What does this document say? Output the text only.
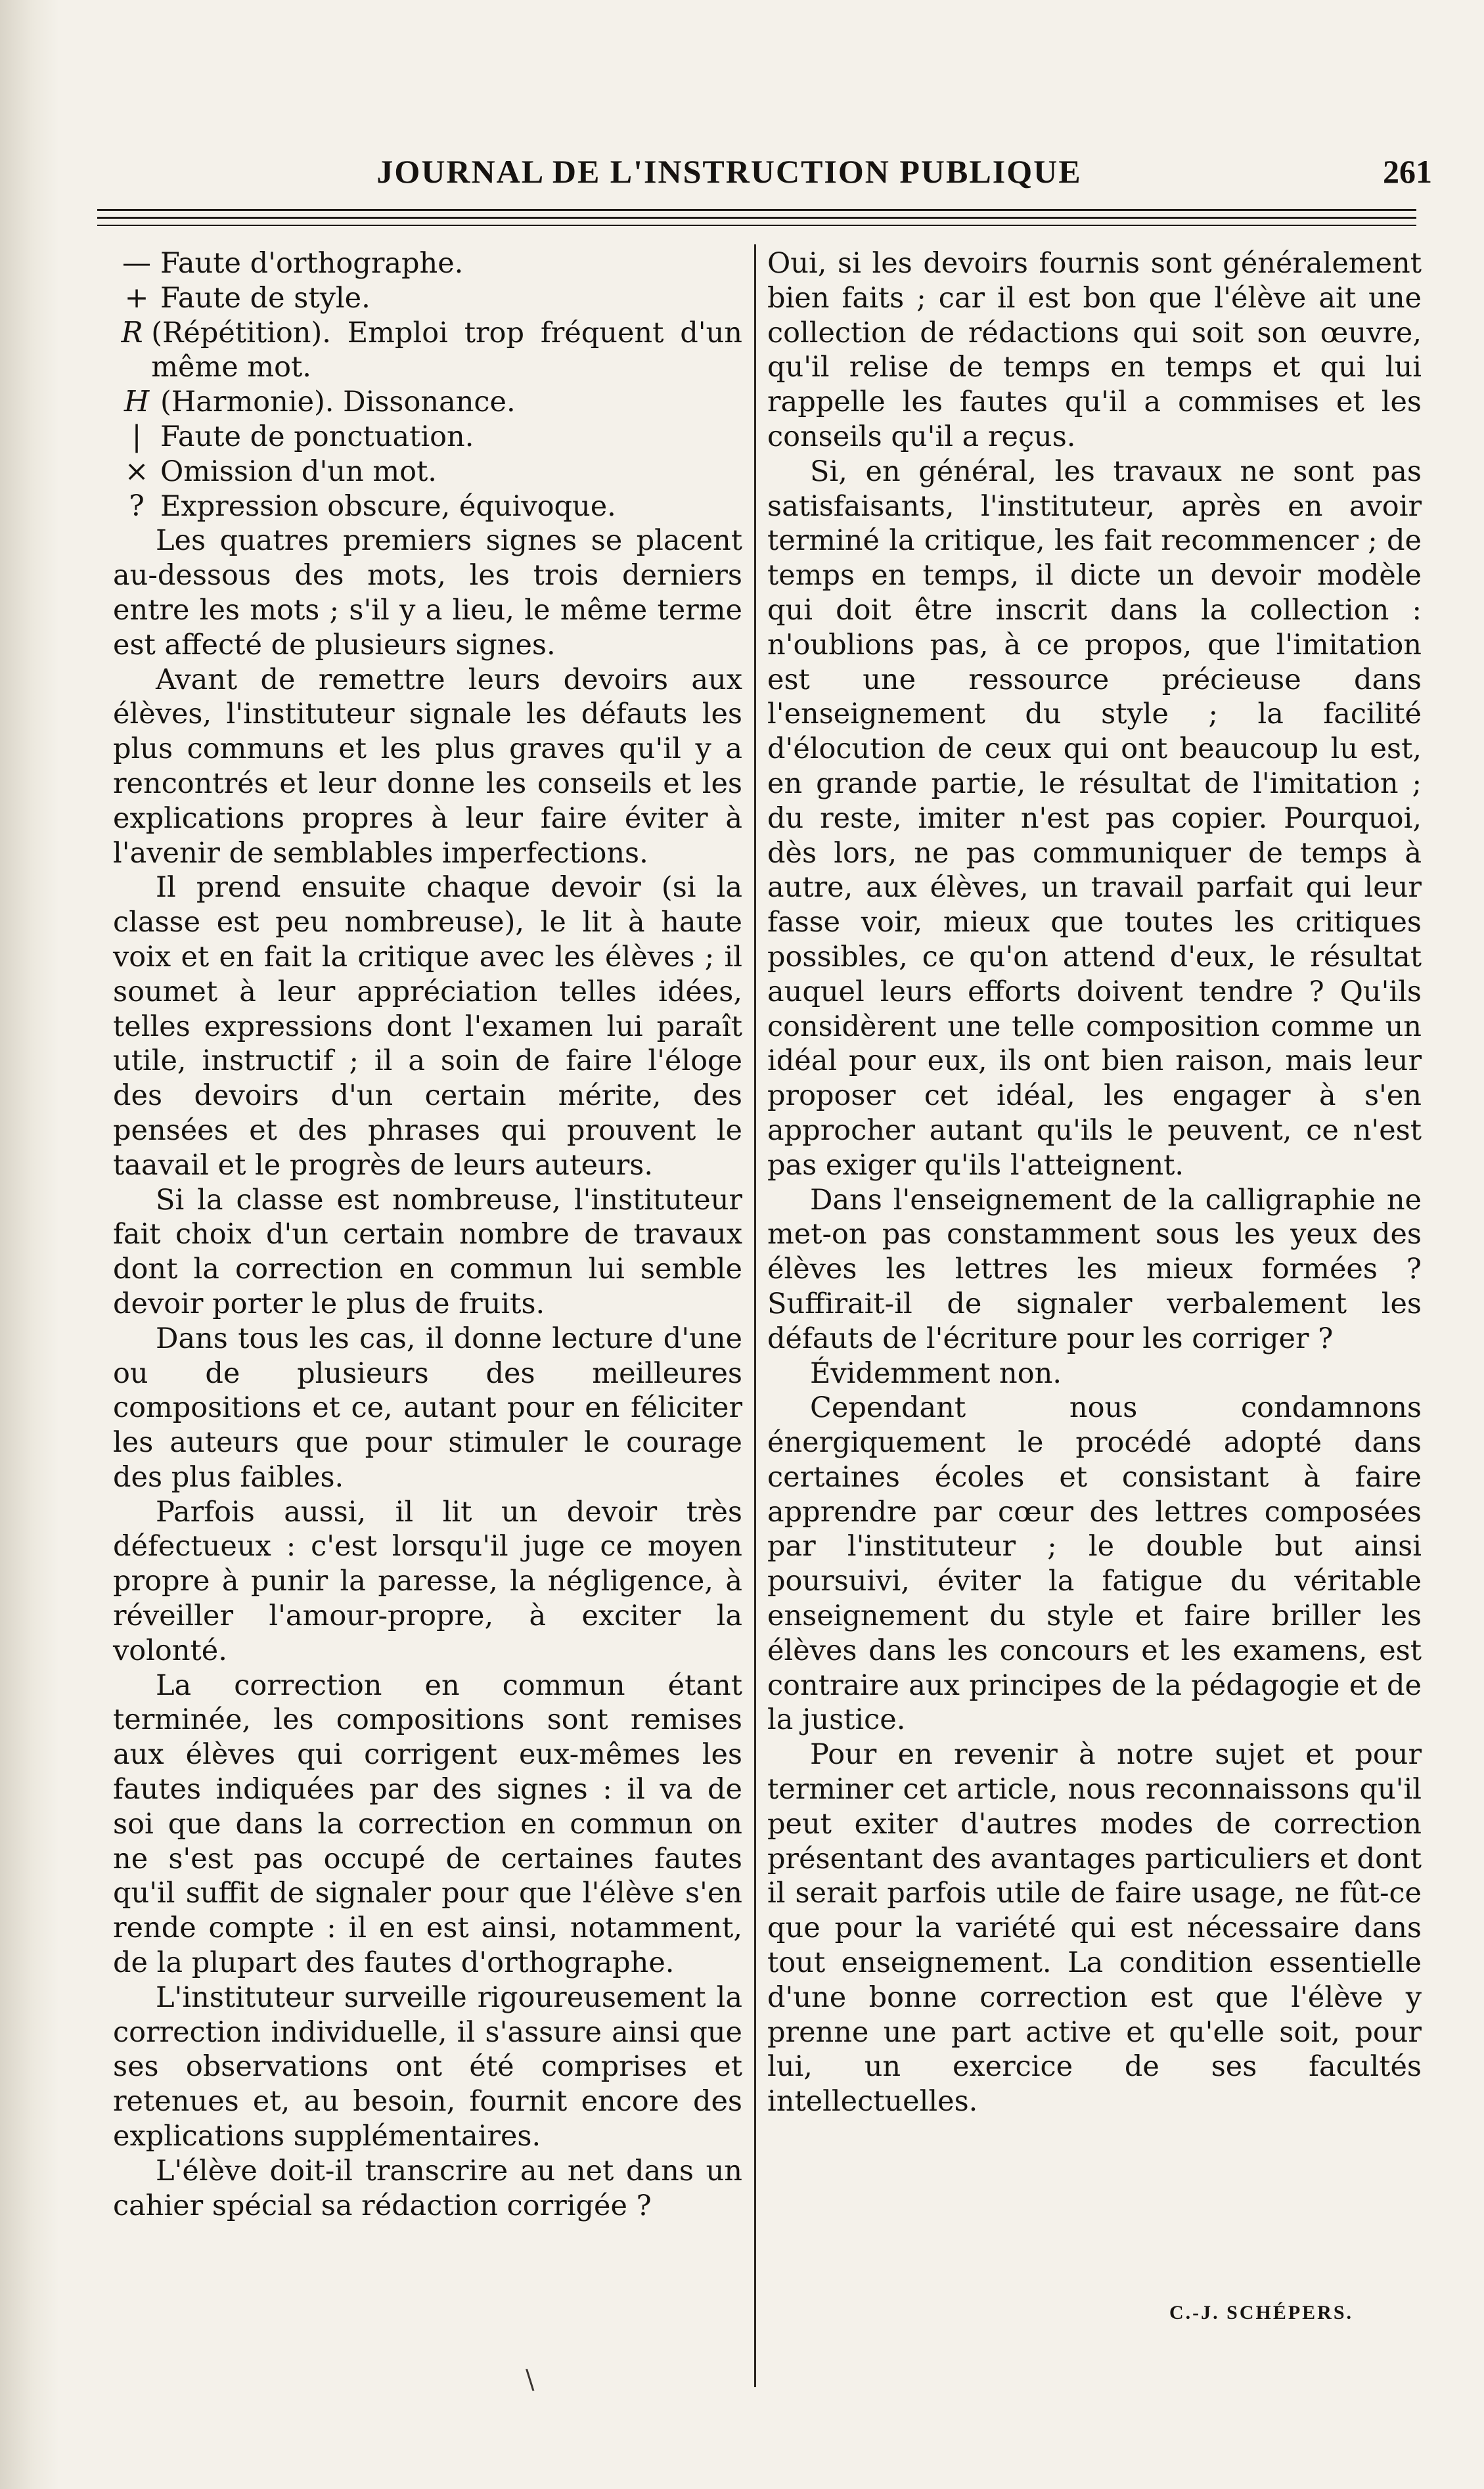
JOURNAL DE L'INSTRUCTION PUBLIQUE	261
— Faute d'orthographe.
+ Faute de style.
R (Répétition). Emploi trop fréquent d'un même mot.
H (Harmonie). Dissonance.
| Faute de ponctuation.
× Omission d'un mot.
? Expression obscure, équivoque.

Les quatres premiers signes se placent au-dessous des mots, les trois derniers entre les mots ; s'il y a lieu, le même terme est affecté de plusieurs signes.

Avant de remettre leurs devoirs aux élèves, l'instituteur signale les défauts les plus communs et les plus graves qu'il y a rencontrés et leur donne les conseils et les explications propres à leur faire éviter à l'avenir de semblables imperfections.

Il prend ensuite chaque devoir (si la classe est peu nombreuse), le lit à haute voix et en fait la critique avec les élèves ; il soumet à leur appréciation telles idées, telles expressions dont l'examen lui paraît utile, instructif ; il a soin de faire l'éloge des devoirs d'un certain mérite, des pensées et des phrases qui prouvent le taavail et le progrès de leurs auteurs.

Si la classe est nombreuse, l'instituteur fait choix d'un certain nombre de travaux dont la correction en commun lui semble devoir porter le plus de fruits.

Dans tous les cas, il donne lecture d'une ou de plusieurs des meilleures compositions et ce, autant pour en féliciter les auteurs que pour stimuler le courage des plus faibles.

Parfois aussi, il lit un devoir très défectueux : c'est lorsqu'il juge ce moyen propre à punir la paresse, la négligence, à réveiller l'amour-propre, à exciter la volonté.

La correction en commun étant terminée, les compositions sont remises aux élèves qui corrigent eux-mêmes les fautes indiquées par des signes : il va de soi que dans la correction en commun on ne s'est pas occupé de certaines fautes qu'il suffit de signaler pour que l'élève s'en rende compte : il en est ainsi, notamment, de la plupart des fautes d'orthographe.

L'instituteur surveille rigoureusement la correction individuelle, il s'assure ainsi que ses observations ont été comprises et retenues et, au besoin, fournit encore des explications supplémentaires.

L'élève doit-il transcrire au net dans un cahier spécial sa rédaction corrigée ?

Oui, si les devoirs fournis sont généralement bien faits ; car il est bon que l'élève ait une collection de rédactions qui soit son œuvre, qu'il relise de temps en temps et qui lui rappelle les fautes qu'il a commises et les conseils qu'il a reçus.

Si, en général, les travaux ne sont pas satisfaisants, l'instituteur, après en avoir terminé la critique, les fait recommencer ; de temps en temps, il dicte un devoir modèle qui doit être inscrit dans la collection : n'oublions pas, à ce propos, que l'imitation est une ressource précieuse dans l'enseignement du style ; la facilité d'élocution de ceux qui ont beaucoup lu est, en grande partie, le résultat de l'imitation ; du reste, imiter n'est pas copier. Pourquoi, dès lors, ne pas communiquer de temps à autre, aux élèves, un travail parfait qui leur fasse voir, mieux que toutes les critiques possibles, ce qu'on attend d'eux, le résultat auquel leurs efforts doivent tendre ? Qu'ils considèrent une telle composition comme un idéal pour eux, ils ont bien raison, mais leur proposer cet idéal, les engager à s'en approcher autant qu'ils le peuvent, ce n'est pas exiger qu'ils l'atteignent.

Dans l'enseignement de la calligraphie ne met-on pas constamment sous les yeux des élèves les lettres les mieux formées ? Suffirait-il de signaler verbalement les défauts de l'écriture pour les corriger ?

Évidemment non.

Cependant nous condamnons énergiquement le procédé adopté dans certaines écoles et consistant à faire apprendre par cœur des lettres composées par l'instituteur ; le double but ainsi poursuivi, éviter la fatigue du véritable enseignement du style et faire briller les élèves dans les concours et les examens, est contraire aux principes de la pédagogie et de la justice.

Pour en revenir à notre sujet et pour terminer cet article, nous reconnaissons qu'il peut exiter d'autres modes de correction présentant des avantages particuliers et dont il serait parfois utile de faire usage, ne fût-ce que pour la variété qui est nécessaire dans tout enseignement. La condition essentielle d'une bonne correction est que l'élève y prenne une part active et qu'elle soit, pour lui, un exercice de ses facultés intellectuelles.

C.-J. SCHÉPERS.
\
